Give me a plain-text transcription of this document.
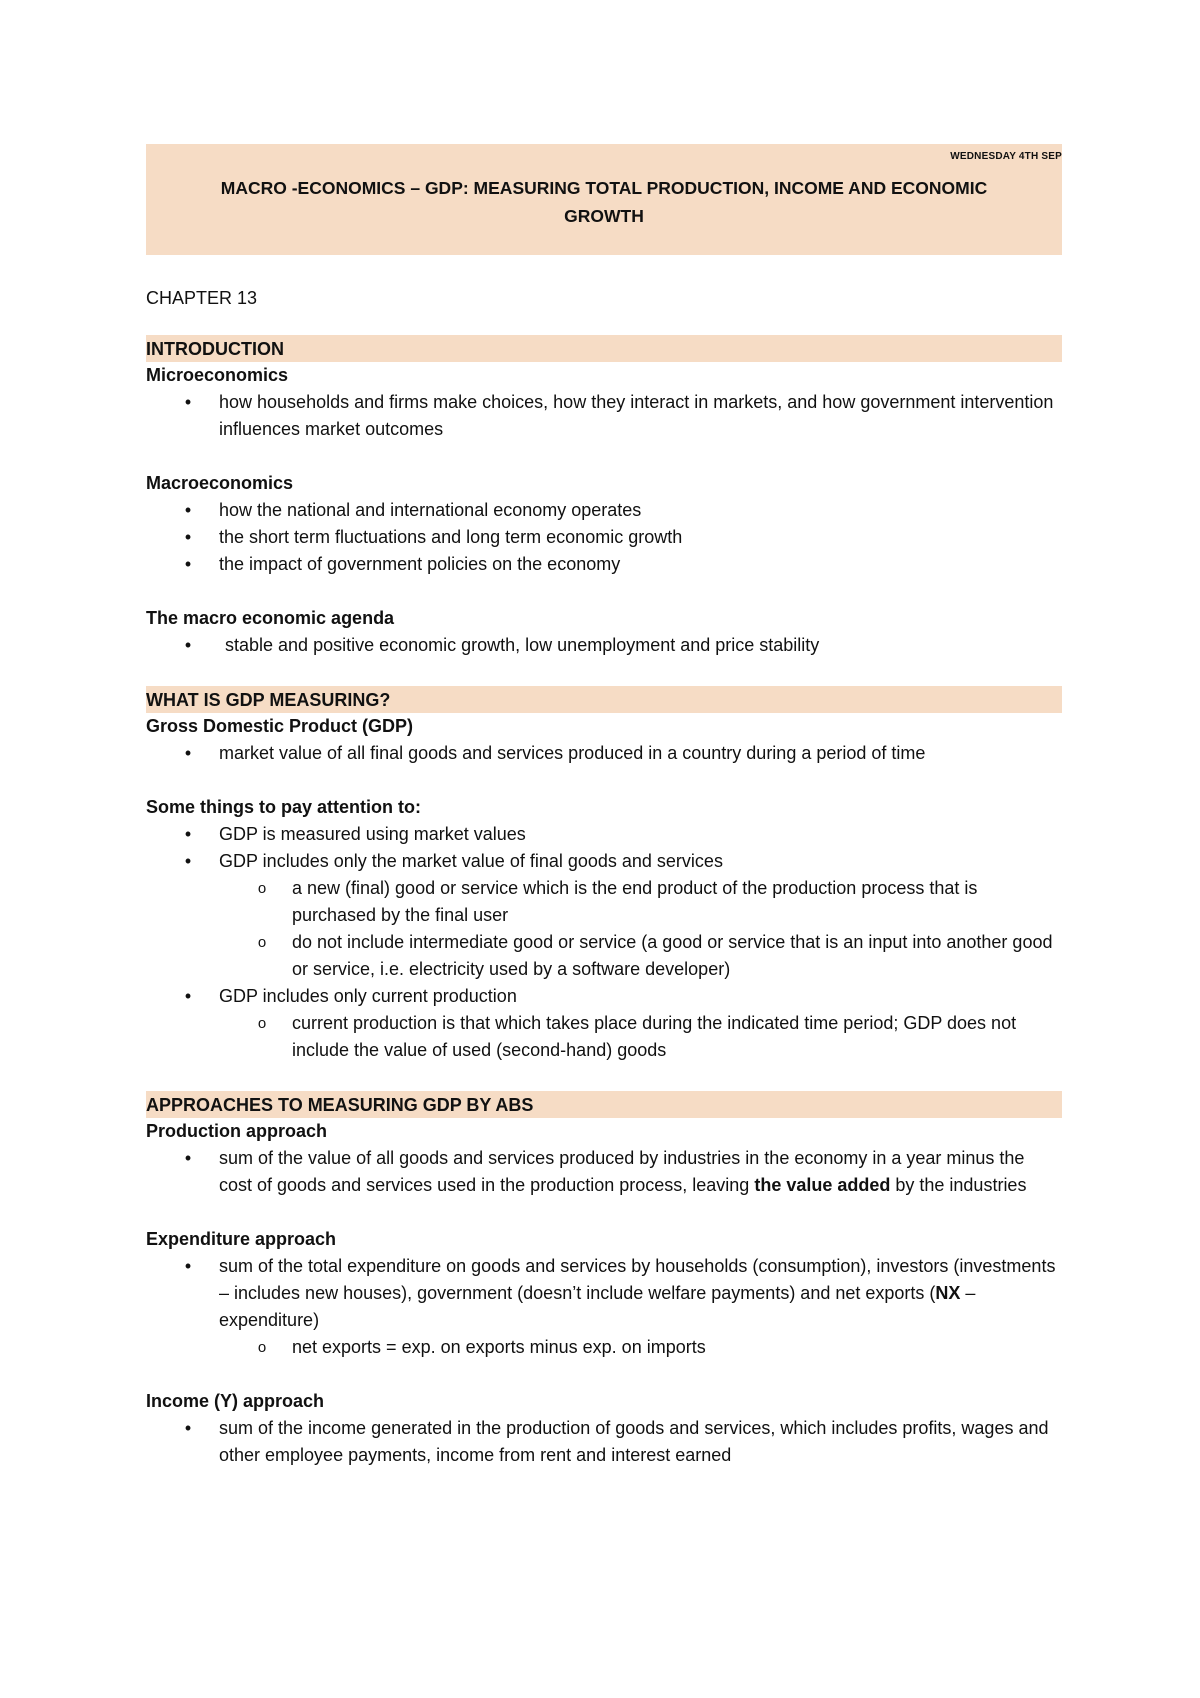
WEDNESDAY 4TH SEP
MACRO -ECONOMICS – GDP: MEASURING TOTAL PRODUCTION, INCOME AND ECONOMIC GROWTH
CHAPTER 13
INTRODUCTION
Microeconomics
• how households and firms make choices, how they interact in markets, and how government intervention influences market outcomes
Macroeconomics
• how the national and international economy operates
• the short term fluctuations and long term economic growth
• the impact of government policies on the economy
The macro economic agenda
• stable and positive economic growth, low unemployment and price stability
WHAT IS GDP MEASURING?
Gross Domestic Product (GDP)
• market value of all final goods and services produced in a country during a period of time
Some things to pay attention to:
• GDP is measured using market values
• GDP includes only the market value of final goods and services
o a new (final) good or service which is the end product of the production process that is purchased by the final user
o do not include intermediate good or service (a good or service that is an input into another good or service, i.e. electricity used by a software developer)
• GDP includes only current production
o current production is that which takes place during the indicated time period; GDP does not include the value of used (second-hand) goods
APPROACHES TO MEASURING GDP BY ABS
Production approach
• sum of the value of all goods and services produced by industries in the economy in a year minus the cost of goods and services used in the production process, leaving the value added by the industries
Expenditure approach
• sum of the total expenditure on goods and services by households (consumption), investors (investments – includes new houses), government (doesn’t include welfare payments) and net exports (NX – expenditure)
o net exports = exp. on exports minus exp. on imports
Income (Y) approach
• sum of the income generated in the production of goods and services, which includes profits, wages and other employee payments, income from rent and interest earned
